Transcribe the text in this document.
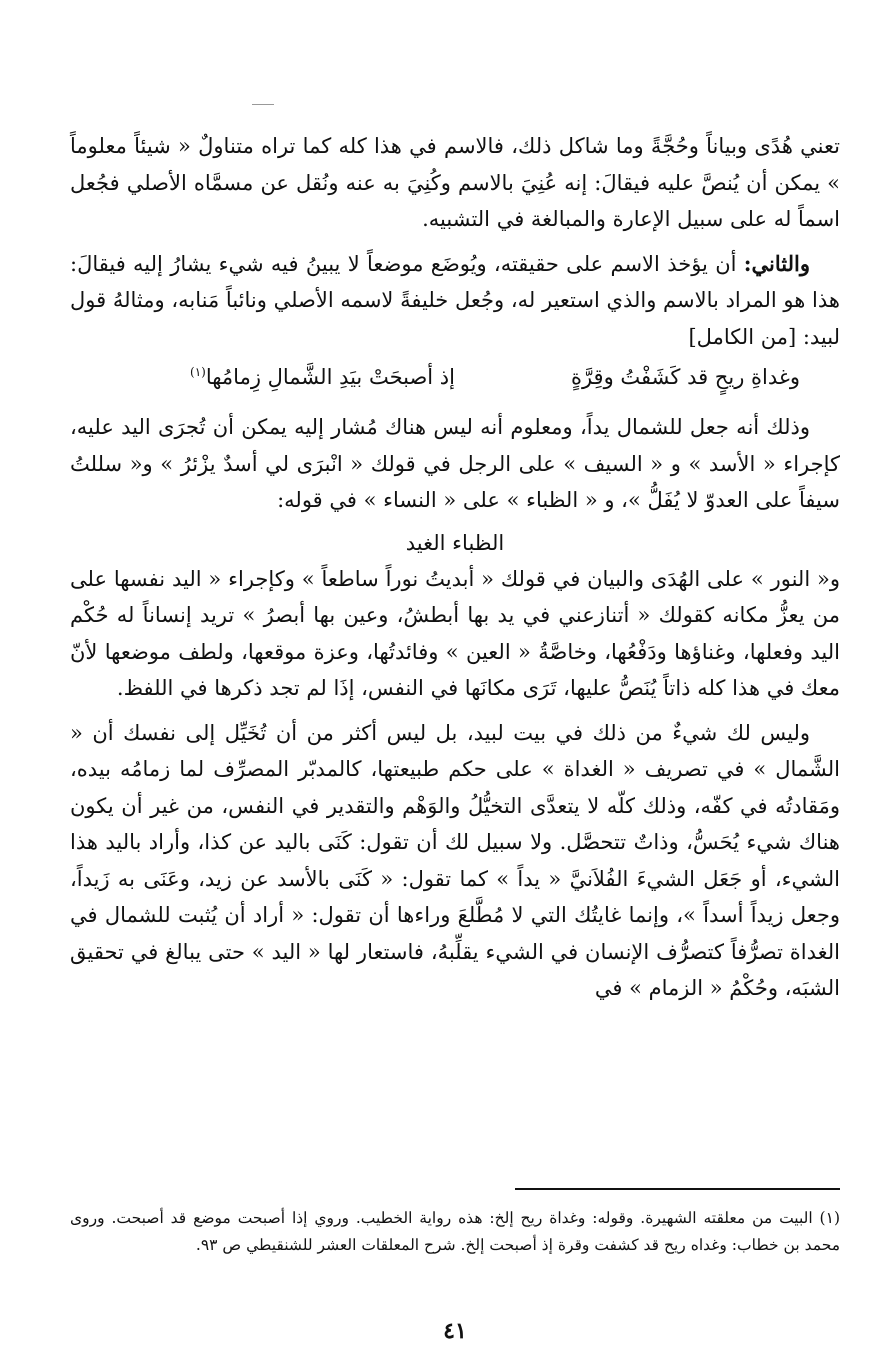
تعني هُدًى وبياناً وحُجَّةً وما شاكل ذلك، فالاسم في هذا كله كما تراه متناولٌ « شيئاً معلوماً » يمكن أن يُنصَّ عليه فيقالَ: إنه عُنِيَ بالاسم وكُنِيَ به عنه ونُقل عن مسمَّاه الأصلي فجُعل اسماً له على سبيل الإعارة والمبالغة في التشبيه.

والثاني: أن يؤخذ الاسم على حقيقته، ويُوضَع موضعاً لا يبينُ فيه شيء يشارُ إليه فيقالَ: هذا هو المراد بالاسم والذي استعير له، وجُعل خليفةً لاسمه الأصلي ونائباً مَنابه، ومثالهُ قول لبيد: [من الكامل]

وغداةِ ريحٍ قد كَشَفْتُ وقِرَّةٍ
إذ أصبحَتْ بيَدِ الشَّمالِ زِمامُها$^{(١)}$

وذلك أنه جعل للشمال يداً، ومعلوم أنه ليس هناك مُشار إليه يمكن أن تُجرَى اليد عليه، كإجراء « الأسد » و « السيف » على الرجل في قولك « انْبرَى لي أسدٌ يزْئرُ » و« سللتُ سيفاً على العدوّ لا يُفَلُّ »، و « الظباء » على « النساء » في قوله:

الظباء الغيد

و« النور » على الهُدَى والبيان في قولك « أبديتُ نوراً ساطعاً » وكإجراء « اليد نفسها على من يعزُّ مكانه كقولك « أتنازعني في يد بها أبطشُ، وعين بها أبصرُ » تريد إنساناً له حُكْم اليد وفعلها، وغناؤها ودَفْعُها، وخاصَّةُ « العين » وفائدتُها، وعزة موقعها، ولطف موضعها لأنّ معك في هذا كله ذاتاً يُنَصُّ عليها، تَرَى مكانَها في النفس، إذَا لم تجد ذكرها في اللفظ.

وليس لك شيءٌ من ذلك في بيت لبيد، بل ليس أكثر من أن تُخَيِّل إلى نفسك أن « الشَّمال » في تصريف « الغداة » على حكم طبيعتها، كالمدبّر المصرِّف لما زمامُه بيده، ومَقادتُه في كفّه، وذلك كلّه لا يتعدَّى التخيُّلُ والوَهْم والتقدير في النفس، من غير أن يكون هناك شيء يُحَسُّ، وذاتٌ تتحصَّل. ولا سبيل لك أن تقول: كَنَى باليد عن كذا، وأراد باليد هذا الشيء، أو جَعَل الشيءَ الفُلاَنيَّ « يداً » كما تقول: « كَنَى بالأسد عن زيد، وعَنَى به زَيداً، وجعل زيداً أسداً »، وإنما غايتُك التي لا مُطَّلعَ وراءها أن تقول: « أراد أن يُثبت للشمال في الغداة تصرُّفاً كتصرُّف الإنسان في الشيء يقلِّبهُ، فاستعار لها « اليد » حتى يبالغ في تحقيق الشبَه، وحُكْمُ « الزمام » في

(١) البيت من معلقته الشهيرة. وقوله: وغداة ريح إلخ: هذه رواية الخطيب. وروي إذا أصبحت موضع قد أصبحت. وروى محمد بن خطاب: وغداه ريح قد كشفت وقرة إذ أصبحت إلخ. شرح المعلقات العشر للشنقيطي ص ٩٣.

٤١
